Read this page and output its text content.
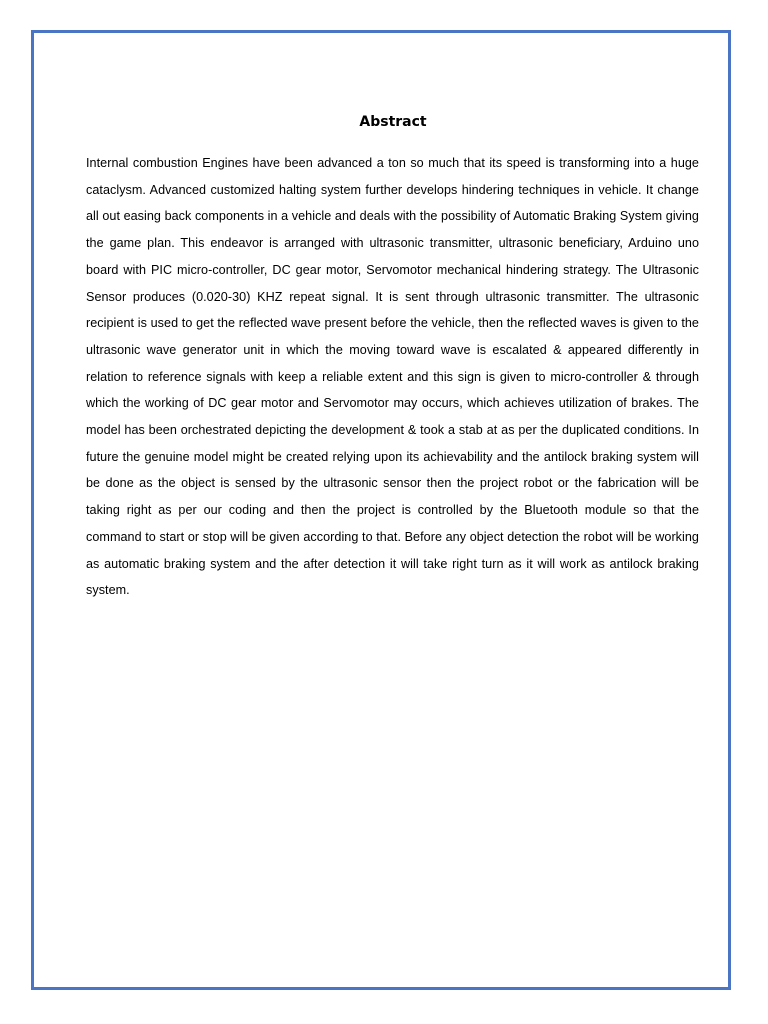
Abstract

Internal combustion Engines have been advanced a ton so much that its speed is transforming into a huge cataclysm. Advanced customized halting system further develops hindering techniques in vehicle. It change all out easing back components in a vehicle and deals with the possibility of Automatic Braking System giving the game plan. This endeavor is arranged with ultrasonic transmitter, ultrasonic beneficiary, Arduino uno board with PIC micro-controller, DC gear motor, Servomotor mechanical hindering strategy. The Ultrasonic Sensor produces (0.020-30) KHZ repeat signal. It is sent through ultrasonic transmitter. The ultrasonic recipient is used to get the reflected wave present before the vehicle, then the reflected waves is given to the ultrasonic wave generator unit in which the moving toward wave is escalated & appeared differently in relation to reference signals with keep a reliable extent and this sign is given to micro-controller & through which the working of DC gear motor and Servomotor may occurs, which achieves utilization of brakes. The model has been orchestrated depicting the development & took a stab at as per the duplicated conditions. In future the genuine model might be created relying upon its achievability and the antilock braking system will be done as the object is sensed by the ultrasonic sensor then the project robot or the fabrication will be taking right as per our coding and then the project is controlled by the Bluetooth module so that the command to start or stop will be given according to that. Before any object detection the robot will be working as automatic braking system and the after detection it will take right turn as it will work as antilock braking system.
